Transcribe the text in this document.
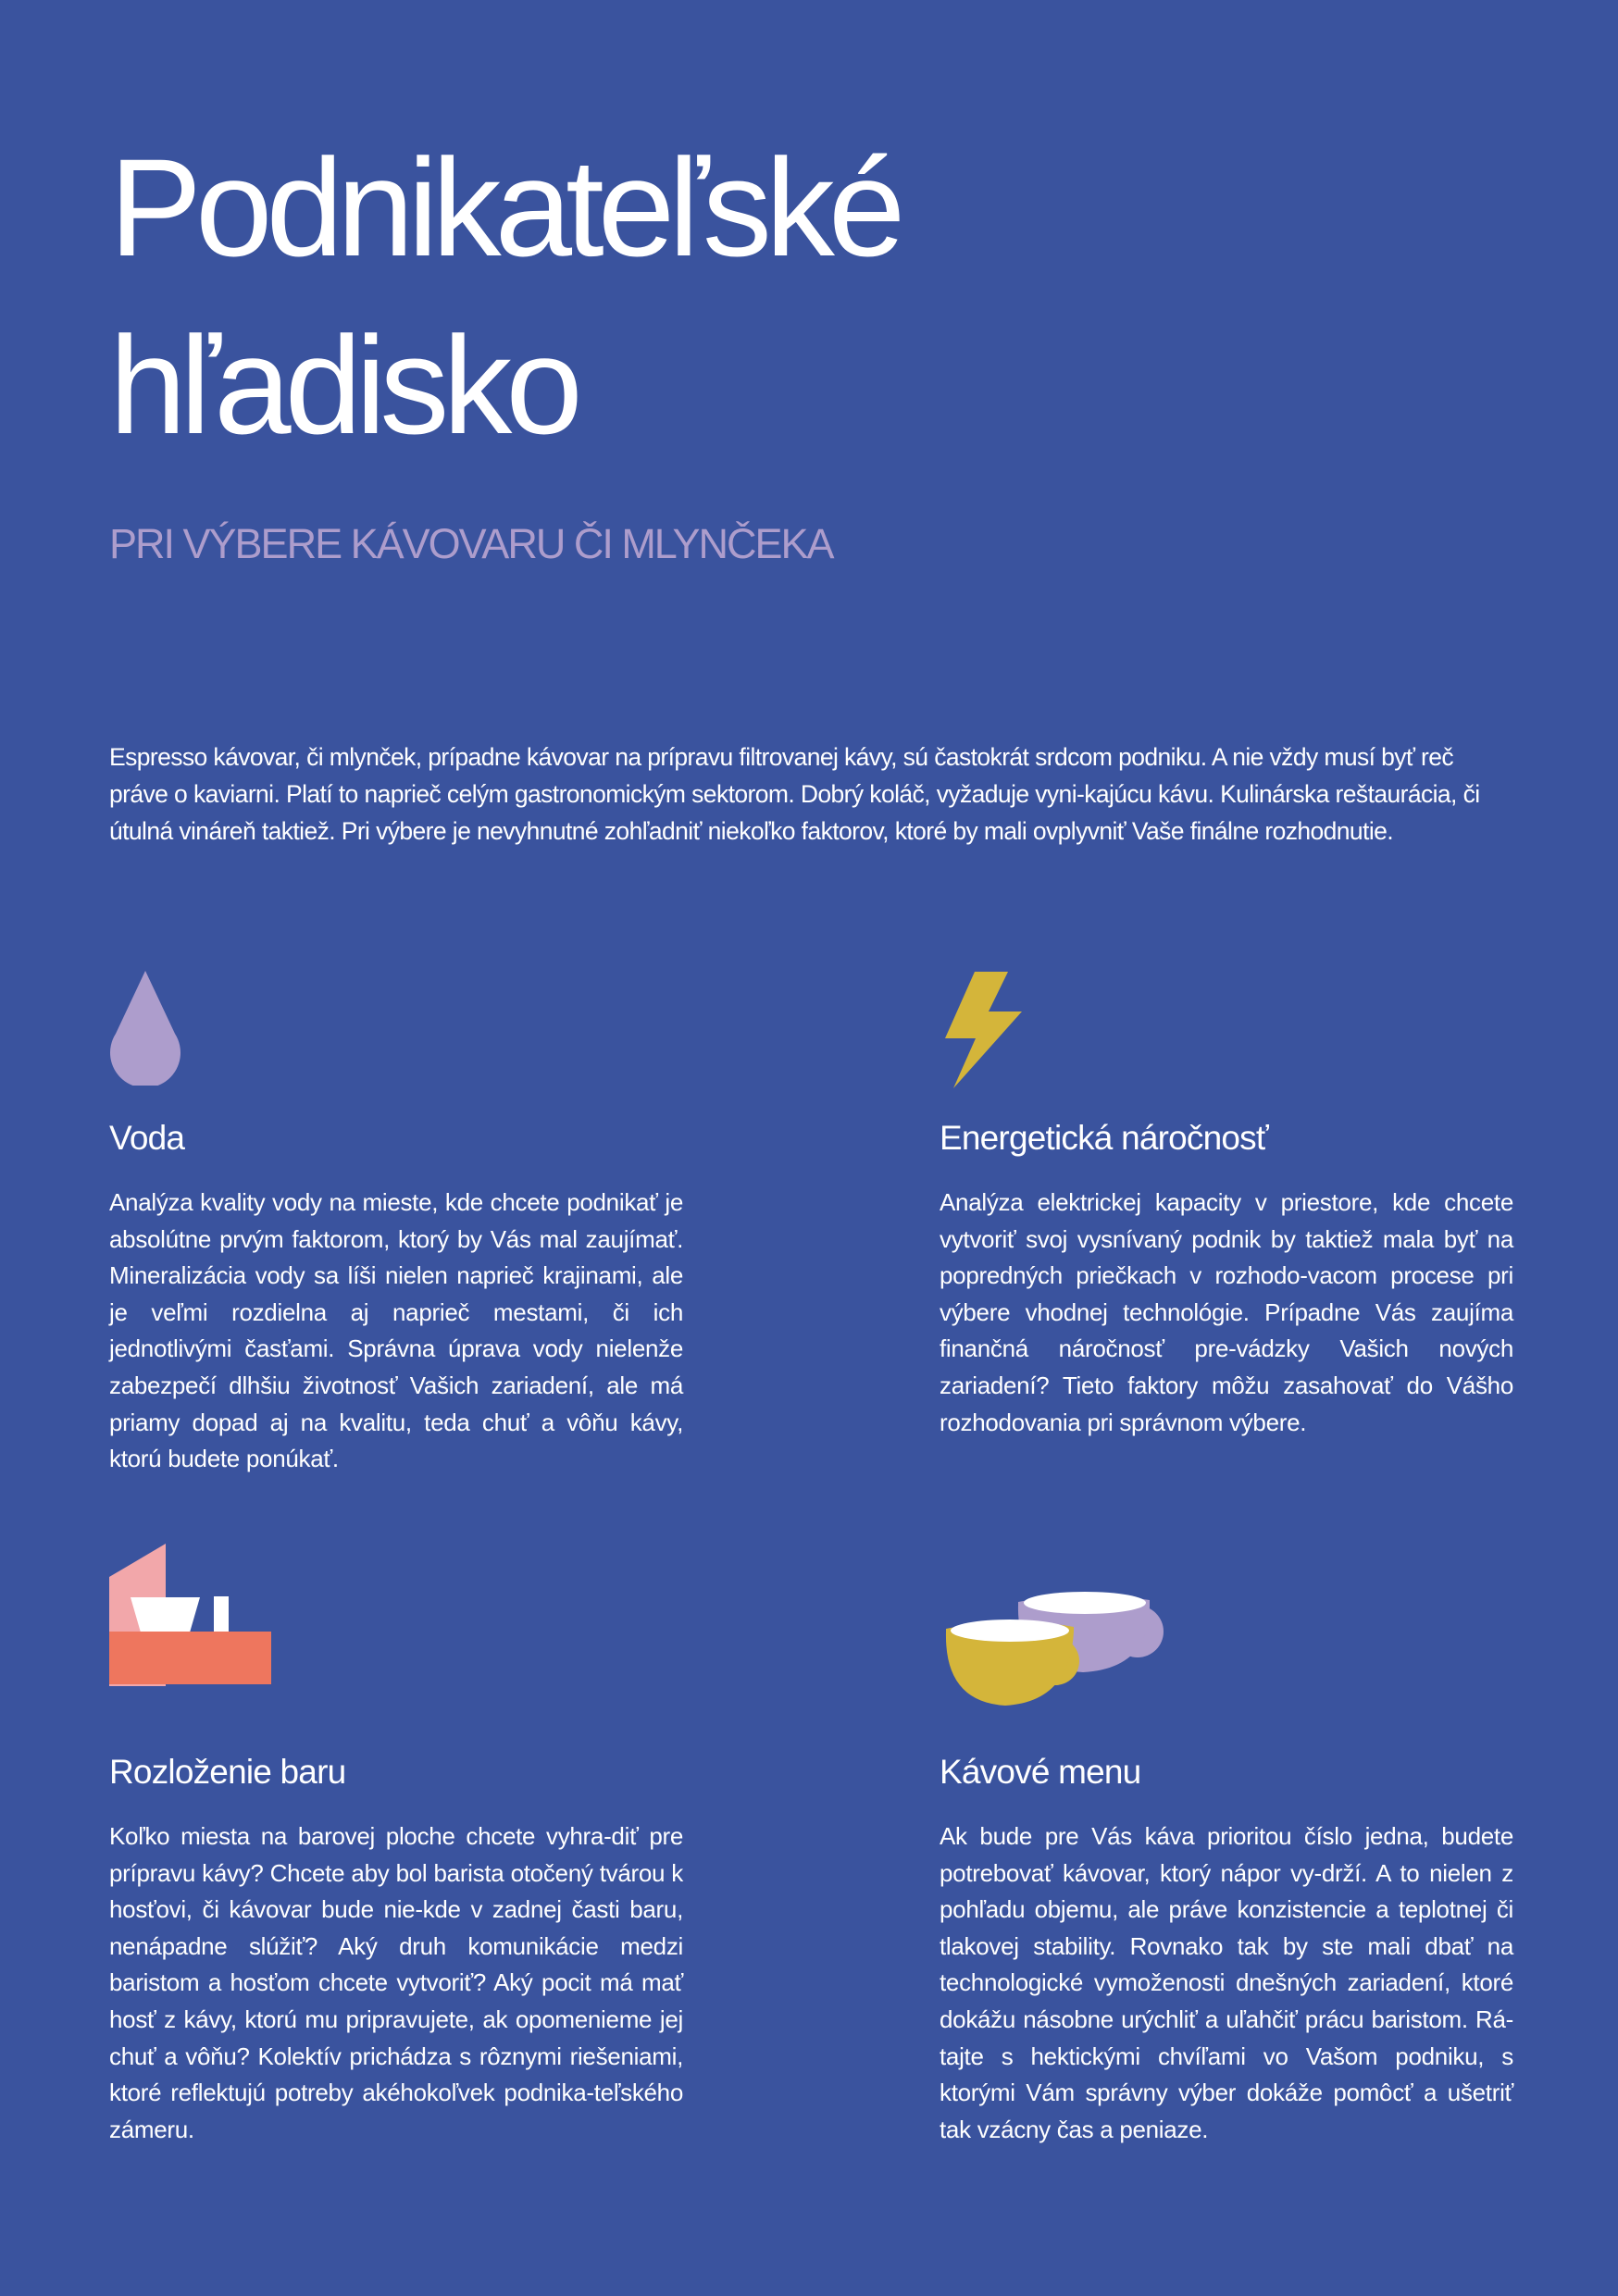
Podnikateľské
hľadisko
PRI VÝBERE KÁVOVARU ČI MLYNČEKA

Espresso kávovar, či mlynček, prípadne kávovar na prípravu filtrovanej kávy, sú častokrát srdcom podniku. A nie vždy musí byť reč práve o kaviarni. Platí to naprieč celým gastronomickým sektorom. Dobrý koláč, vyžaduje vyni-kajúcu kávu. Kulinárska reštaurácia, či útulná vináreň taktiež. Pri výbere je nevyhnutné zohľadniť niekoľko faktorov, ktoré by mali ovplyvniť Vaše finálne rozhodnutie.

Voda

Analýza kvality vody na mieste, kde chcete podnikať je absolútne prvým faktorom, ktorý by Vás mal zaujímať. Mineralizácia vody sa líši nielen naprieč krajinami, ale je veľmi rozdielna aj naprieč mestami, či ich jednotlivými časťami. Správna úprava vody nielenže zabezpečí dlhšiu životnosť Vašich zariadení, ale má priamy dopad aj na kvalitu, teda chuť a vôňu kávy, ktorú budete ponúkať.

Energetická náročnosť

Analýza elektrickej kapacity v priestore, kde chcete vytvoriť svoj vysnívaný podnik by taktiež mala byť na popredných priečkach v rozhodo-vacom procese pri výbere vhodnej technológie. Prípadne Vás zaujíma finančná náročnosť pre-vádzky Vašich nových zariadení? Tieto faktory môžu zasahovať do Vášho rozhodovania pri správnom výbere.

Rozloženie baru

Koľko miesta na barovej ploche chcete vyhra-diť pre prípravu kávy? Chcete aby bol barista otočený tvárou k hosťovi, či kávovar bude nie-kde v zadnej časti baru, nenápadne slúžiť? Aký druh komunikácie medzi baristom a hosťom chcete vytvoriť? Aký pocit má mať hosť z kávy, ktorú mu pripravujete, ak opomenieme jej chuť a vôňu? Kolektív prichádza s rôznymi riešeniami, ktoré reflektujú potreby akéhokoľvek podnika-teľského zámeru.

Kávové menu

Ak bude pre Vás káva prioritou číslo jedna, budete potrebovať kávovar, ktorý nápor vy-drží. A to nielen z pohľadu objemu, ale práve konzistencie a teplotnej či tlakovej stability. Rovnako tak by ste mali dbať na technologické vymoženosti dnešných zariadení, ktoré dokážu násobne urýchliť a uľahčiť prácu baristom. Rá-tajte s hektickými chvíľami vo Vašom podniku, s ktorými Vám správny výber dokáže pomôcť a ušetriť tak vzácny čas a peniaze.
